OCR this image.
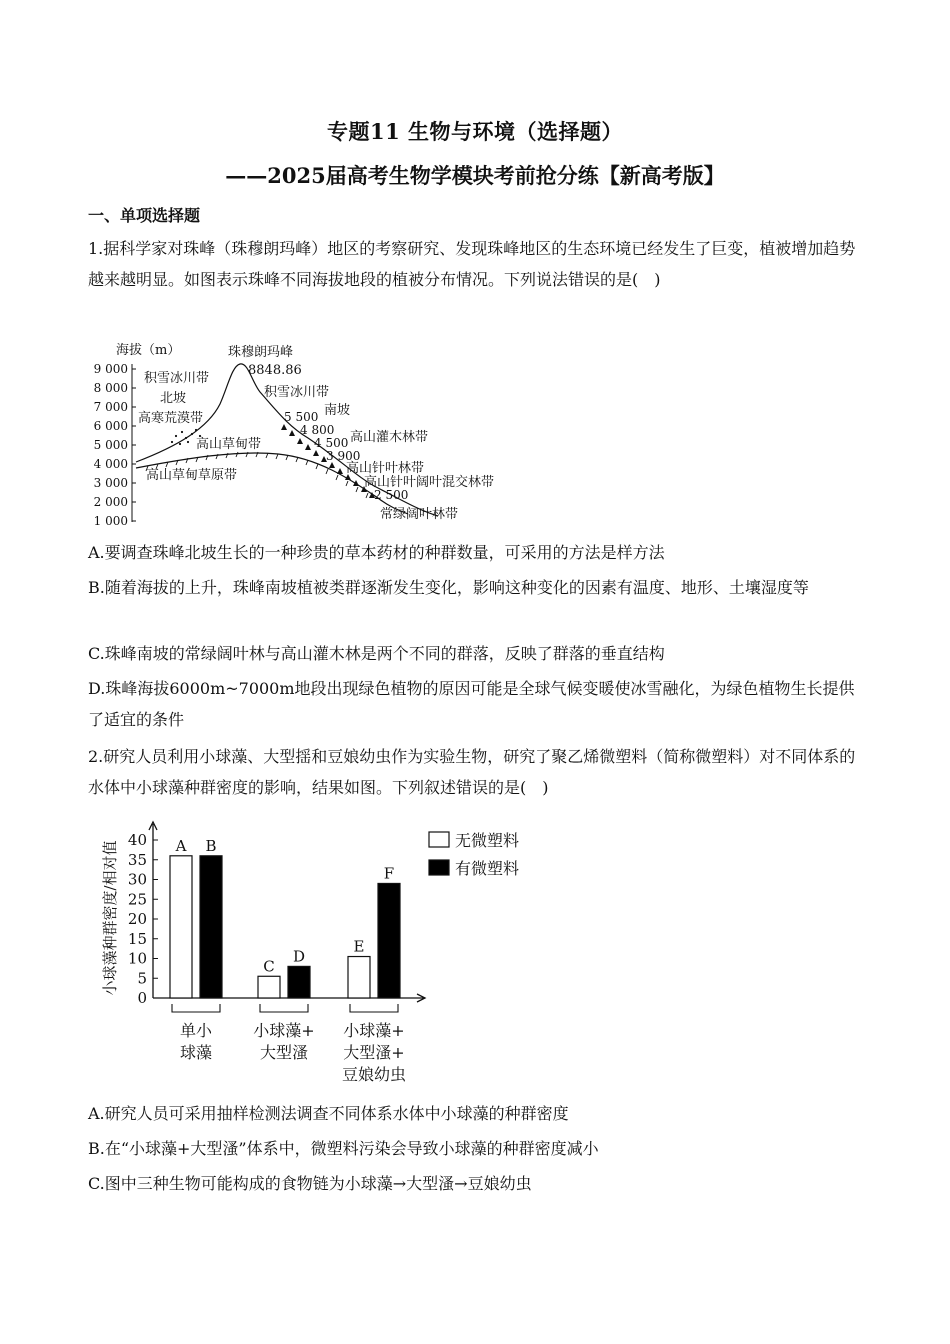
专题11 生物与环境（选择题）
——2025届高考生物学模块考前抢分练【新高考版】
一、单项选择题
1.据科学家对珠峰（珠穆朗玛峰）地区的考察研究、发现珠峰地区的生态环境已经发生了巨变，植被增加趋势越来越明显。如图表示珠峰不同海拔地段的植被分布情况。下列说法错误的是(　)
海拔（m）	珠穆朗玛峰
8848.86
北坡
南坡
9 000
8 000
7 000
6 000
5 000
4 000
3 000
2 000
1 000
积雪冰川带
高寒荒漠带
高山草甸带
高山草甸草原带
积雪冰川带
高山灌木林带
高山针叶林带
高山针叶阔叶混交林带
常绿阔叶林带
5 500
4 800
4 500
3 900
2 500
A.要调查珠峰北坡生长的一种珍贵的草本药材的种群数量，可采用的方法是样方法
B.随着海拔的上升，珠峰南坡植被类群逐渐发生变化，影响这种变化的因素有温度、地形、土壤湿度等
C.珠峰南坡的常绿阔叶林与高山灌木林是两个不同的群落，反映了群落的垂直结构
D.珠峰海拔6000m~7000m地段出现绿色植物的原因可能是全球气候变暖使冰雪融化，为绿色植物生长提供了适宜的条件
2.研究人员利用小球藻、大型揺和豆娘幼虫作为实验生物，研究了聚乙烯微塑料（简称微塑料）对不同体系的水体中小球藻种群密度的影响，结果如图。下列叙述错误的是(　)
小球藻种群密度/相对值
0
5
10
15
20
25
30
35
40 A B
单小
球藻
C
D
小球藻+
大型溞
E
F
小球藻+
大型溞+
豆娘幼虫
无微塑料
有微塑料
A.研究人员可采用抽样检测法调查不同体系水体中小球藻的种群密度
B.在“小球藻+大型溞”体系中，微塑料污染会导致小球藻的种群密度减小
C.图中三种生物可能构成的食物链为小球藻→大型溞→豆娘幼虫
